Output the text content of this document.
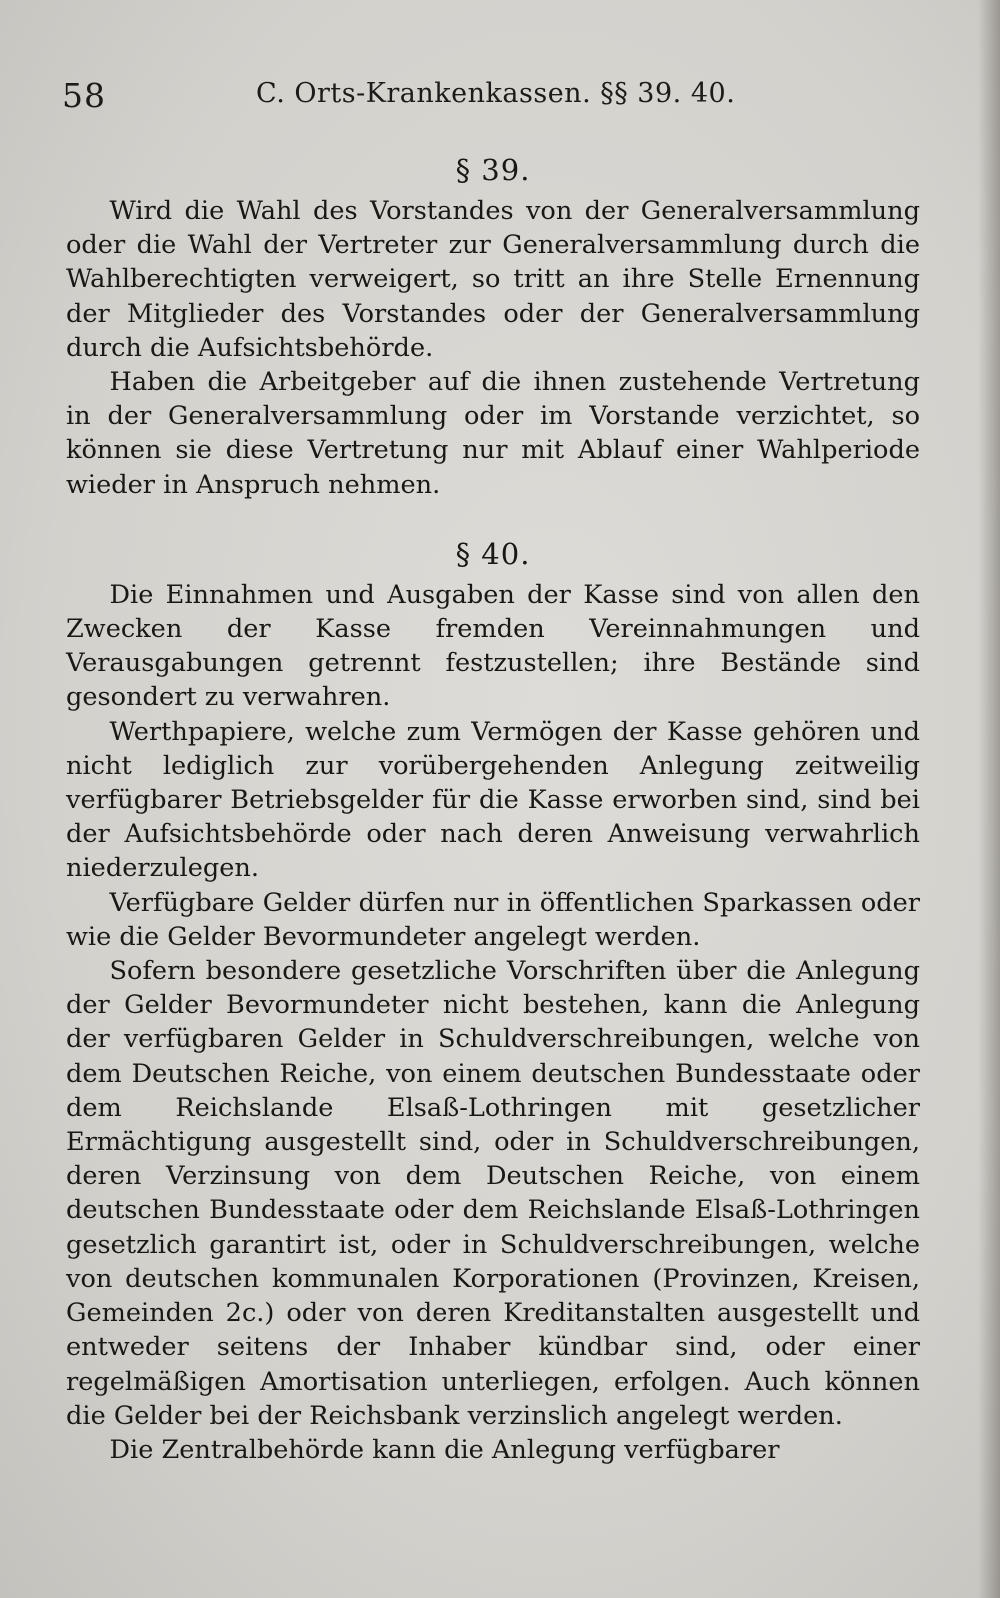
58	C. Orts-Krankenkassen. §§ 39. 40.
§ 39.

Wird die Wahl des Vorstandes von der Generalversammlung oder die Wahl der Vertreter zur Generalversammlung durch die Wahlberechtigten verweigert, so tritt an ihre Stelle Ernennung der Mitglieder des Vorstandes oder der Generalversammlung durch die Aufsichtsbehörde.

Haben die Arbeitgeber auf die ihnen zustehende Vertretung in der Generalversammlung oder im Vorstande verzichtet, so können sie diese Vertretung nur mit Ablauf einer Wahlperiode wieder in Anspruch nehmen.

§ 40.

Die Einnahmen und Ausgaben der Kasse sind von allen den Zwecken der Kasse fremden Vereinnahmungen und Verausgabungen getrennt festzustellen; ihre Bestände sind gesondert zu verwahren.

Werthpapiere, welche zum Vermögen der Kasse gehören und nicht lediglich zur vorübergehenden Anlegung zeitweilig verfügbarer Betriebsgelder für die Kasse erworben sind, sind bei der Aufsichtsbehörde oder nach deren Anweisung verwahrlich niederzulegen.

Verfügbare Gelder dürfen nur in öffentlichen Sparkassen oder wie die Gelder Bevormundeter angelegt werden.

Sofern besondere gesetzliche Vorschriften über die Anlegung der Gelder Bevormundeter nicht bestehen, kann die Anlegung der verfügbaren Gelder in Schuldverschreibungen, welche von dem Deutschen Reiche, von einem deutschen Bundesstaate oder dem Reichslande Elsaß-Lothringen mit gesetzlicher Ermächtigung ausgestellt sind, oder in Schuldverschreibungen, deren Verzinsung von dem Deutschen Reiche, von einem deutschen Bundesstaate oder dem Reichslande Elsaß-Lothringen gesetzlich garantirt ist, oder in Schuldverschreibungen, welche von deutschen kommunalen Korporationen (Provinzen, Kreisen, Gemeinden 2c.) oder von deren Kreditanstalten ausgestellt und entweder seitens der Inhaber kündbar sind, oder einer regelmäßigen Amortisation unterliegen, erfolgen. Auch können die Gelder bei der Reichsbank verzinslich angelegt werden.

Die Zentralbehörde kann die Anlegung verfügbarer
